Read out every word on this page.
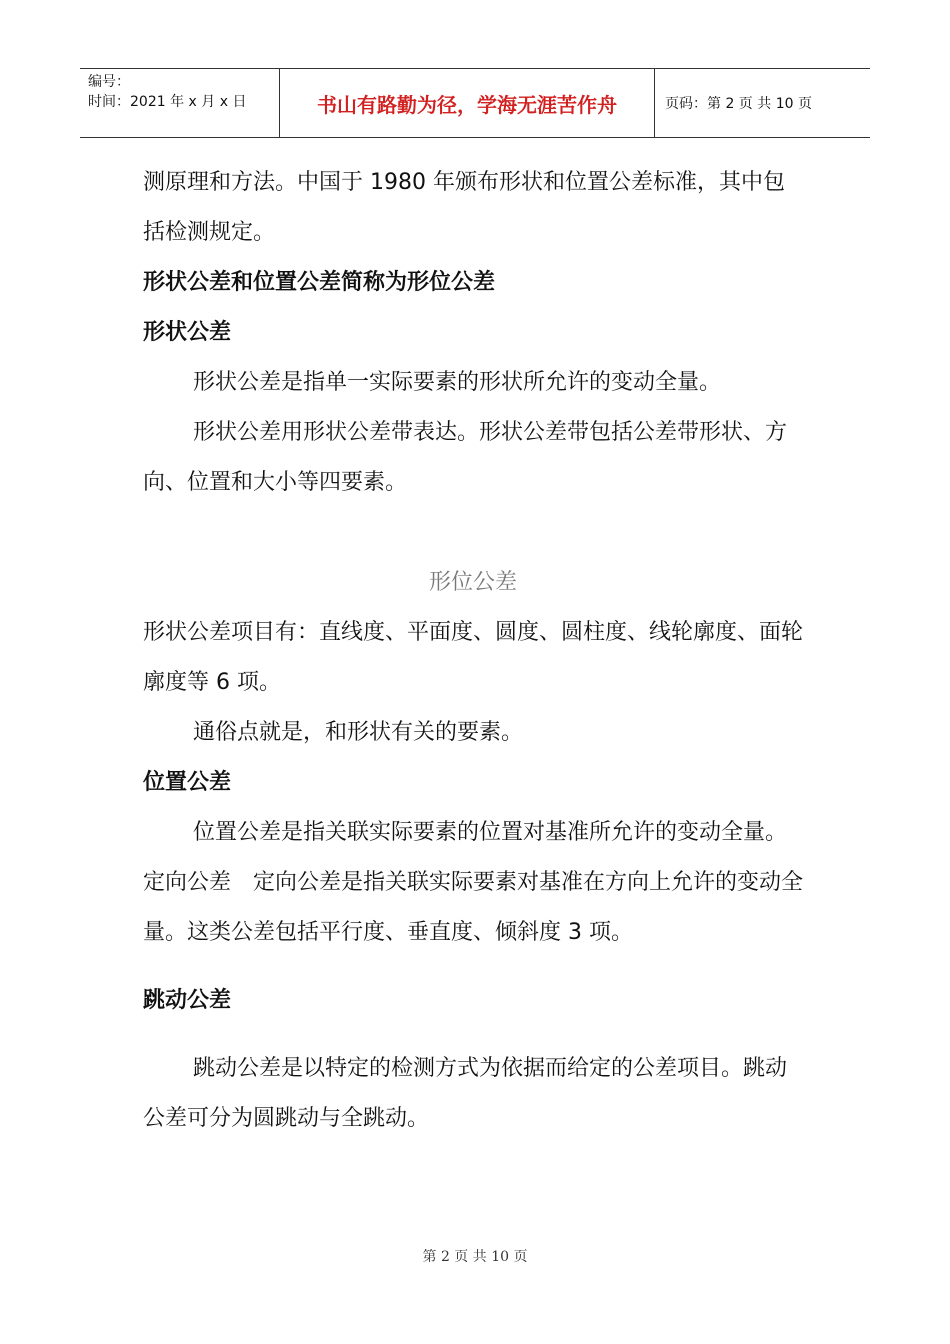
编号：
时间：2021 年 x 月 x 日	书山有路勤为径，学海无涯苦作舟	页码：第 2 页 共 10 页

测原理和方法。中国于 1980 年颁布形状和位置公差标准，其中包括检测规定。

形状公差和位置公差简称为形位公差

形状公差

形状公差是指单一实际要素的形状所允许的变动全量。

形状公差用形状公差带表达。形状公差带包括公差带形状、方向、位置和大小等四要素。

形位公差

形状公差项目有：直线度、平面度、圆度、圆柱度、线轮廓度、面轮廓度等 6 项。

通俗点就是，和形状有关的要素。

位置公差

位置公差是指关联实际要素的位置对基准所允许的变动全量。　定向公差　定向公差是指关联实际要素对基准在方向上允许的变动全量。这类公差包括平行度、垂直度、倾斜度 3 项。

跳动公差

跳动公差是以特定的检测方式为依据而给定的公差项目。跳动公差可分为圆跳动与全跳动。

第 2 页 共 10 页
